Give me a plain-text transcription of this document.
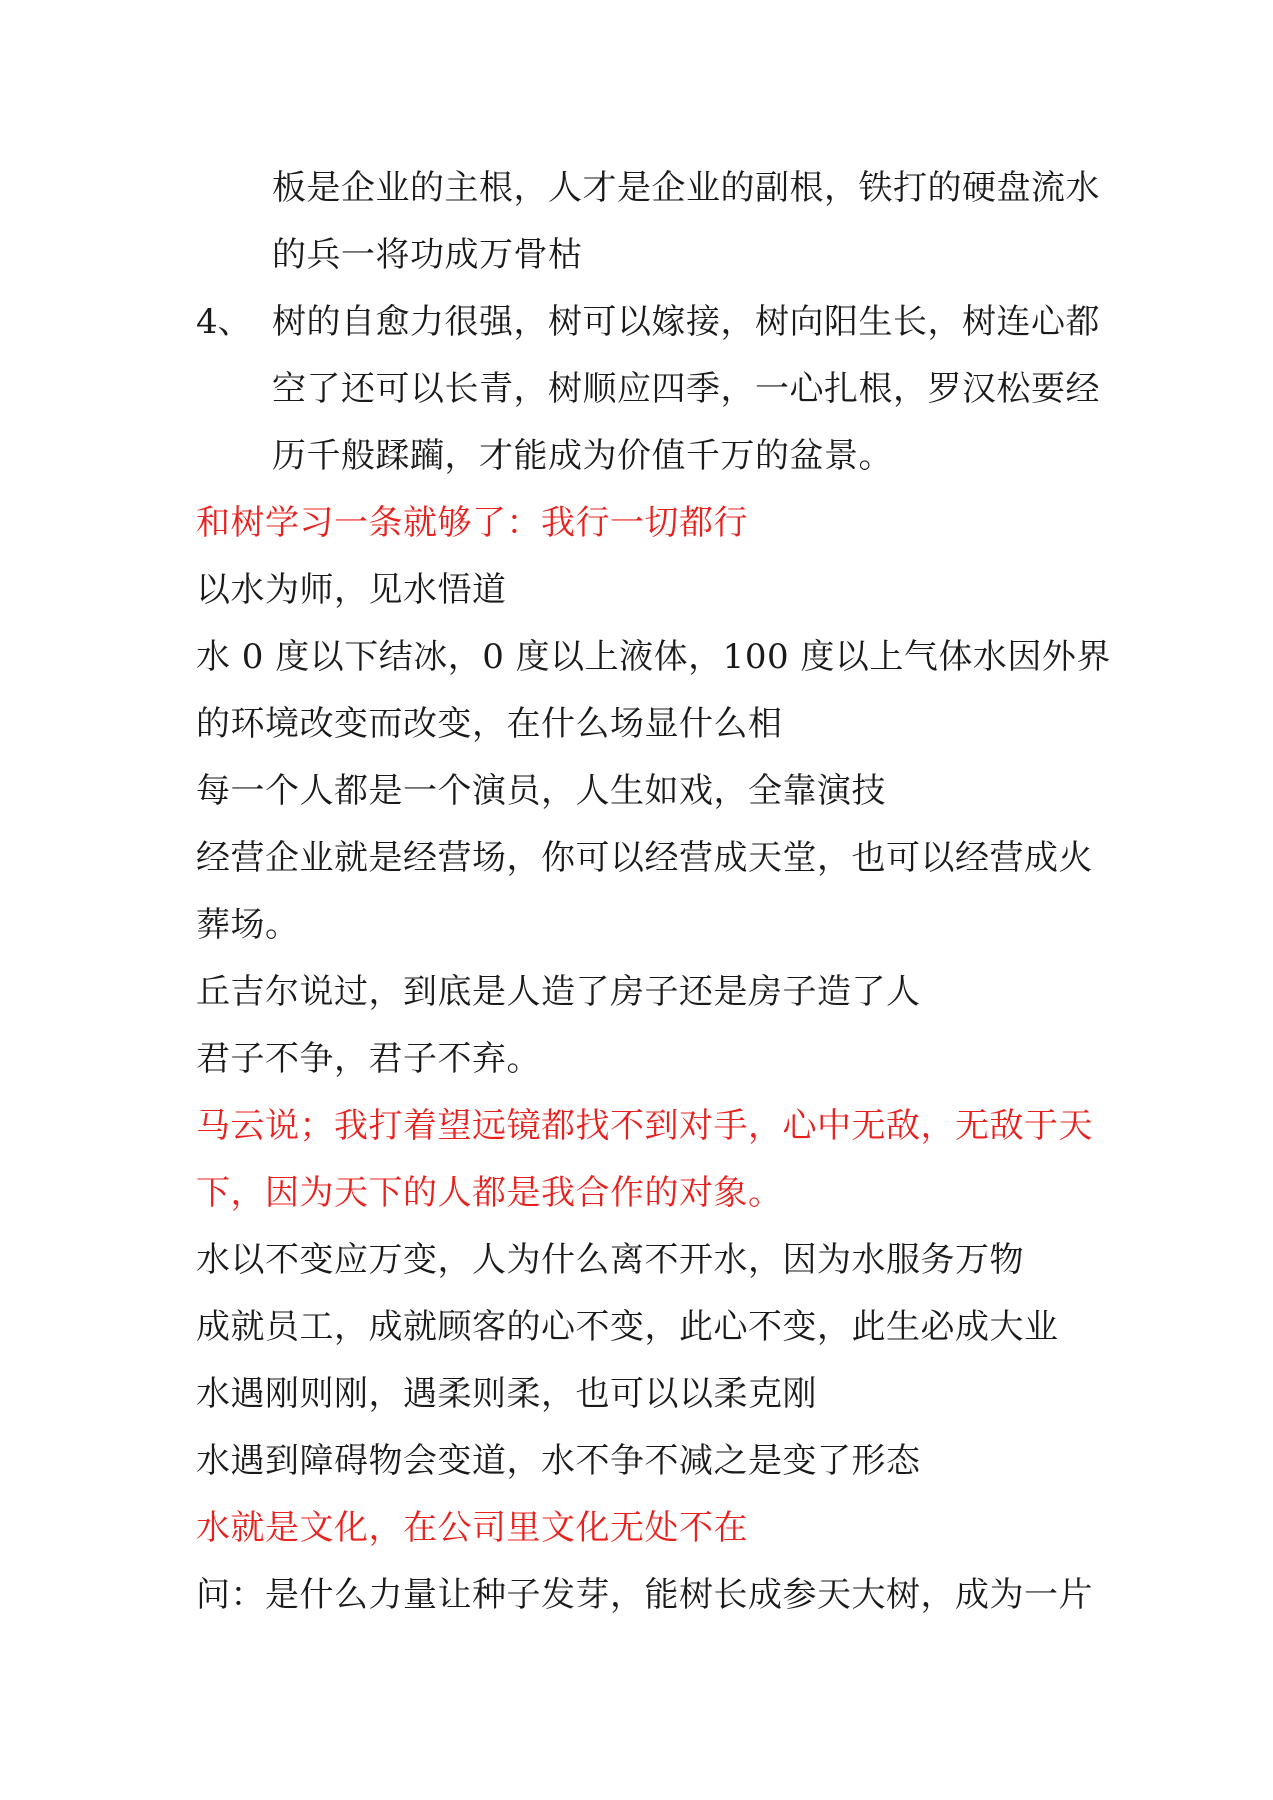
板是企业的主根，人才是企业的副根，铁打的硬盘流水
的兵一将功成万骨枯
4、 树的自愈力很强，树可以嫁接，树向阳生长，树连心都
空了还可以长青，树顺应四季，一心扎根，罗汉松要经
历千般蹂躏，才能成为价值千万的盆景。
和树学习一条就够了：我行一切都行
以水为师，见水悟道
水 0 度以下结冰，0 度以上液体，100 度以上气体水因外界
的环境改变而改变，在什么场显什么相
每一个人都是一个演员，人生如戏，全靠演技
经营企业就是经营场，你可以经营成天堂，也可以经营成火
葬场。
丘吉尔说过，到底是人造了房子还是房子造了人
君子不争，君子不弃。
马云说；我打着望远镜都找不到对手，心中无敌，无敌于天
下，因为天下的人都是我合作的对象。
水以不变应万变，人为什么离不开水，因为水服务万物
成就员工，成就顾客的心不变，此心不变，此生必成大业
水遇刚则刚，遇柔则柔，也可以以柔克刚
水遇到障碍物会变道，水不争不减之是变了形态
水就是文化，在公司里文化无处不在
问：是什么力量让种子发芽，能树长成参天大树，成为一片
